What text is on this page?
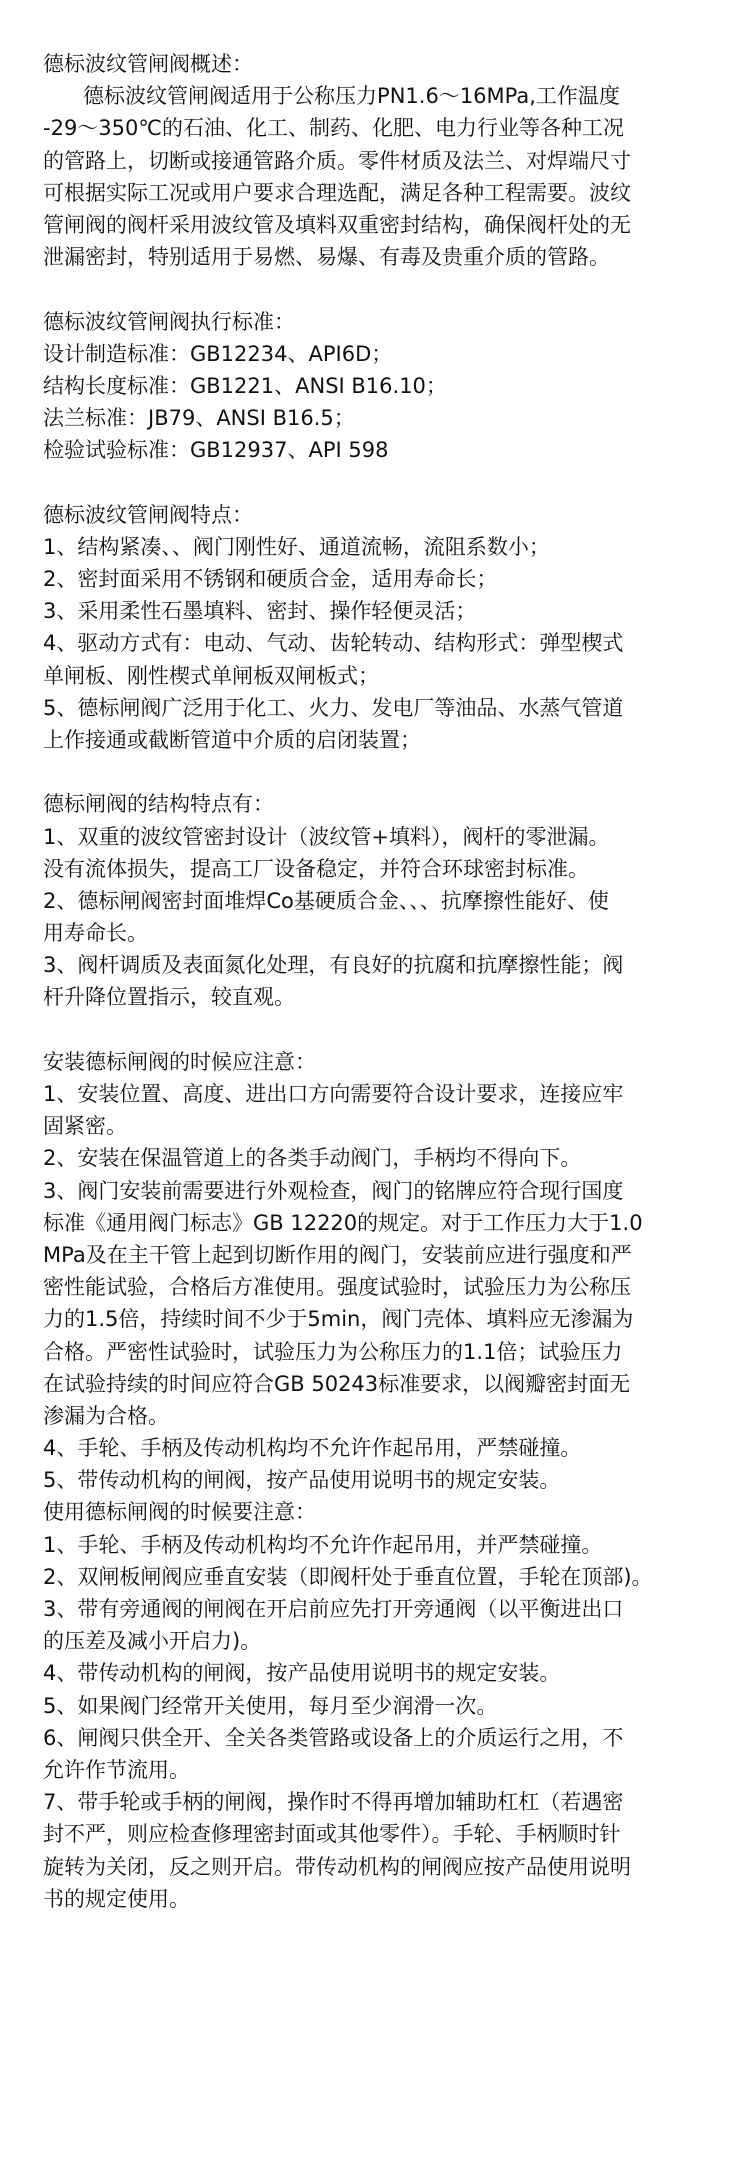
德标波纹管闸阀概述：
德标波纹管闸阀适用于公称压力PN1.6～16MPa,工作温度
-29～350℃的石油、化工、制药、化肥、电力行业等各种工况
的管路上，切断或接通管路介质。零件材质及法兰、对焊端尺寸
可根据实际工况或用户要求合理选配，满足各种工程需要。波纹
管闸阀的阀杆采用波纹管及填料双重密封结构，确保阀杆处的无
泄漏密封，特别适用于易燃、易爆、有毒及贵重介质的管路。
德标波纹管闸阀执行标准：
设计制造标准：GB12234、API6D；
结构长度标准：GB1221、ANSI B16.10；
法兰标准：JB79、ANSI B16.5；
检验试验标准：GB12937、API 598
德标波纹管闸阀特点：
1、结构紧凑、、阀门刚性好、通道流畅，流阻系数小；
2、密封面采用不锈钢和硬质合金，适用寿命长；
3、采用柔性石墨填料、密封、操作轻便灵活；
4、驱动方式有：电动、气动、齿轮转动、结构形式：弹型楔式
单闸板、刚性楔式单闸板双闸板式；
5、德标闸阀广泛用于化工、火力、发电厂等油品、水蒸气管道
上作接通或截断管道中介质的启闭装置；
德标闸阀的结构特点有：
1、双重的波纹管密封设计（波纹管+填料），阀杆的零泄漏。
没有流体损失，提高工厂设备稳定，并符合环球密封标准。
2、德标闸阀密封面堆焊Co基硬质合金、、、抗摩擦性能好、使
用寿命长。
3、阀杆调质及表面氮化处理，有良好的抗腐和抗摩擦性能；阀
杆升降位置指示，较直观。
安装德标闸阀的时候应注意：
1、安装位置、高度、进出口方向需要符合设计要求，连接应牢
固紧密。
2、安装在保温管道上的各类手动阀门，手柄均不得向下。
3、阀门安装前需要进行外观检查，阀门的铭牌应符合现行国度
标准《通用阀门标志》GB 12220的规定。对于工作压力大于1.0
MPa及在主干管上起到切断作用的阀门，安装前应进行强度和严
密性能试验，合格后方准使用。强度试验时，试验压力为公称压
力的1.5倍，持续时间不少于5min，阀门壳体、填料应无渗漏为
合格。严密性试验时，试验压力为公称压力的1.1倍；试验压力
在试验持续的时间应符合GB 50243标准要求，以阀瓣密封面无
渗漏为合格。
4、手轮、手柄及传动机构均不允许作起吊用，严禁碰撞。
5、带传动机构的闸阀，按产品使用说明书的规定安装。
使用德标闸阀的时候要注意：
1、手轮、手柄及传动机构均不允许作起吊用，并严禁碰撞。
2、双闸板闸阀应垂直安装（即阀杆处于垂直位置，手轮在顶部)。
3、带有旁通阀的闸阀在开启前应先打开旁通阀（以平衡进出口
的压差及减小开启力)。
4、带传动机构的闸阀，按产品使用说明书的规定安装。
5、如果阀门经常开关使用，每月至少润滑一次。
6、闸阀只供全开、全关各类管路或设备上的介质运行之用，不
允许作节流用。
7、带手轮或手柄的闸阀，操作时不得再增加辅助杠杠（若遇密
封不严，则应检查修理密封面或其他零件）。手轮、手柄顺时针
旋转为关闭，反之则开启。带传动机构的闸阀应按产品使用说明
书的规定使用。
